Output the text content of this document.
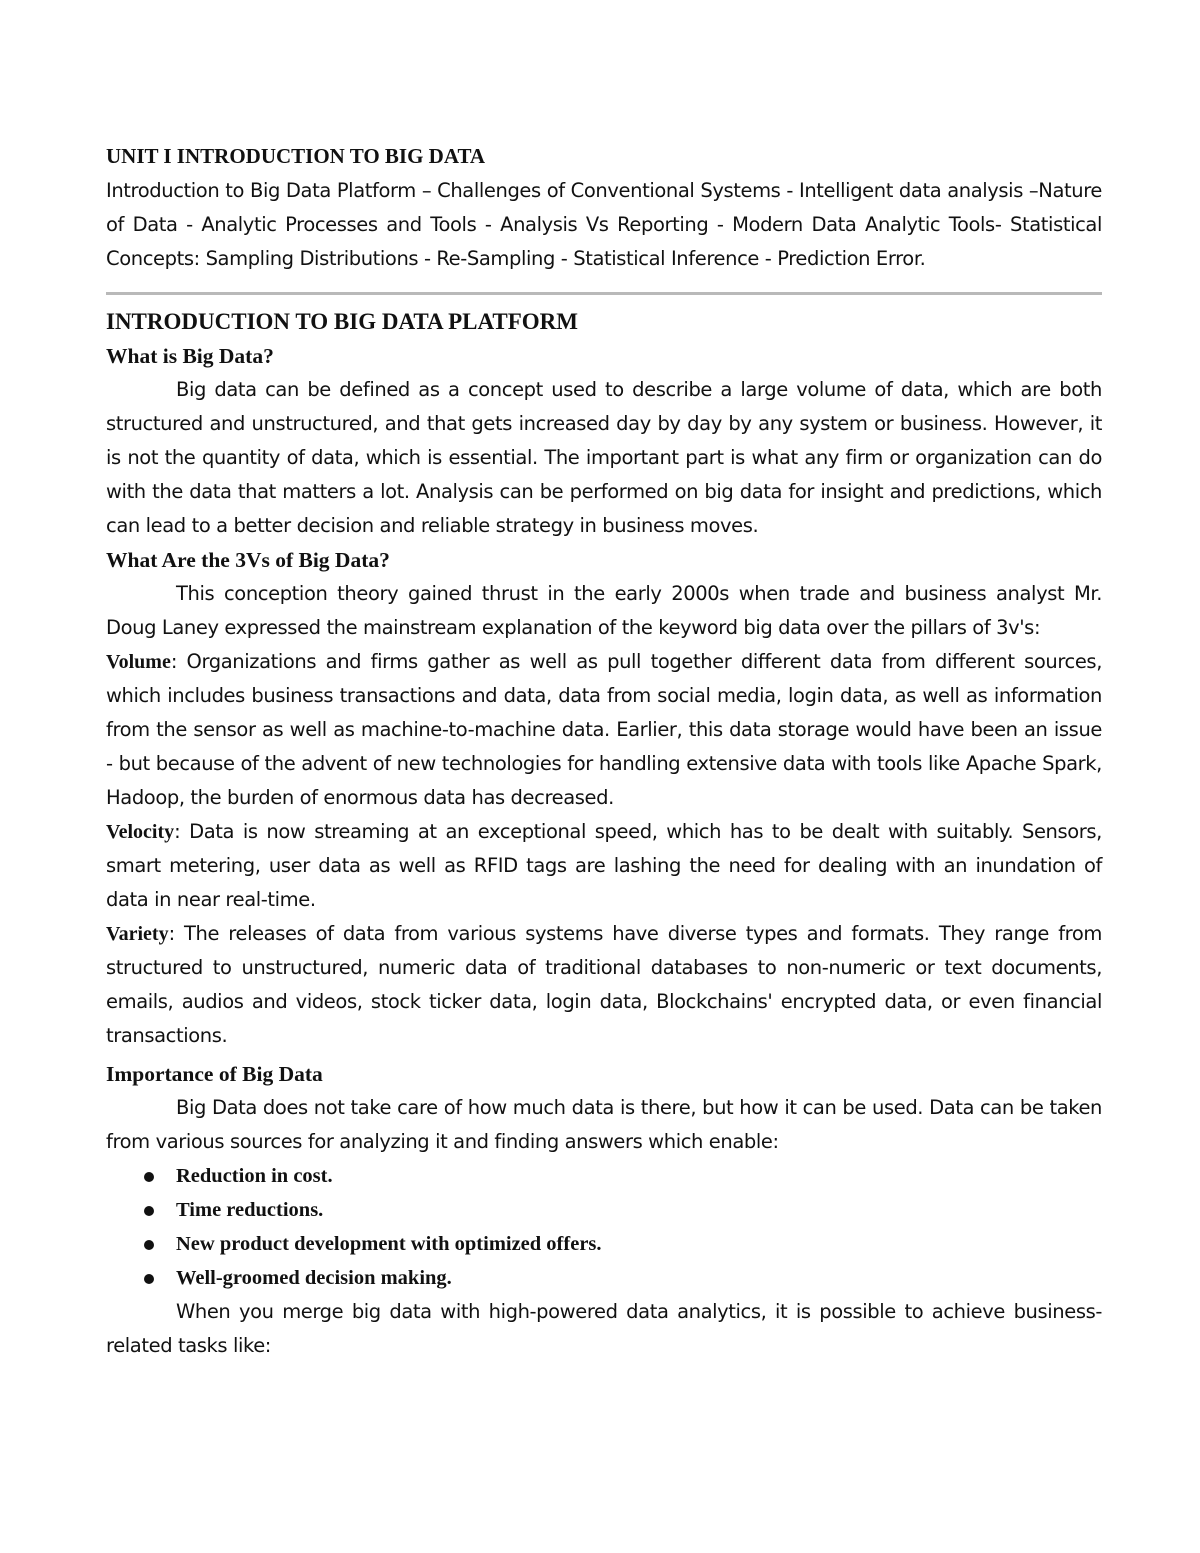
UNIT I INTRODUCTION TO BIG DATA

Introduction to Big Data Platform – Challenges of Conventional Systems - Intelligent data analysis –Nature of Data - Analytic Processes and Tools - Analysis Vs Reporting - Modern Data Analytic Tools- Statistical Concepts: Sampling Distributions - Re-Sampling - Statistical Inference - Prediction Error.

INTRODUCTION TO BIG DATA PLATFORM

What is Big Data?

Big data can be defined as a concept used to describe a large volume of data, which are both structured and unstructured, and that gets increased day by day by any system or business. However, it is not the quantity of data, which is essential. The important part is what any firm or organization can do with the data that matters a lot. Analysis can be performed on big data for insight and predictions, which can lead to a better decision and reliable strategy in business moves.

What Are the 3Vs of Big Data?

This conception theory gained thrust in the early 2000s when trade and business analyst Mr. Doug Laney expressed the mainstream explanation of the keyword big data over the pillars of 3v's:

Volume: Organizations and firms gather as well as pull together different data from different sources, which includes business transactions and data, data from social media, login data, as well as information from the sensor as well as machine-to-machine data. Earlier, this data storage would have been an issue - but because of the advent of new technologies for handling extensive data with tools like Apache Spark, Hadoop, the burden of enormous data has decreased.

Velocity: Data is now streaming at an exceptional speed, which has to be dealt with suitably. Sensors, smart metering, user data as well as RFID tags are lashing the need for dealing with an inundation of data in near real-time.

Variety: The releases of data from various systems have diverse types and formats. They range from structured to unstructured, numeric data of traditional databases to non-numeric or text documents, emails, audios and videos, stock ticker data, login data, Blockchains' encrypted data, or even financial transactions.

Importance of Big Data

Big Data does not take care of how much data is there, but how it can be used. Data can be taken from various sources for analyzing it and finding answers which enable:

Reduction in cost.
Time reductions.
New product development with optimized offers.
Well-groomed decision making.

When you merge big data with high-powered data analytics, it is possible to achieve business-related tasks like:
